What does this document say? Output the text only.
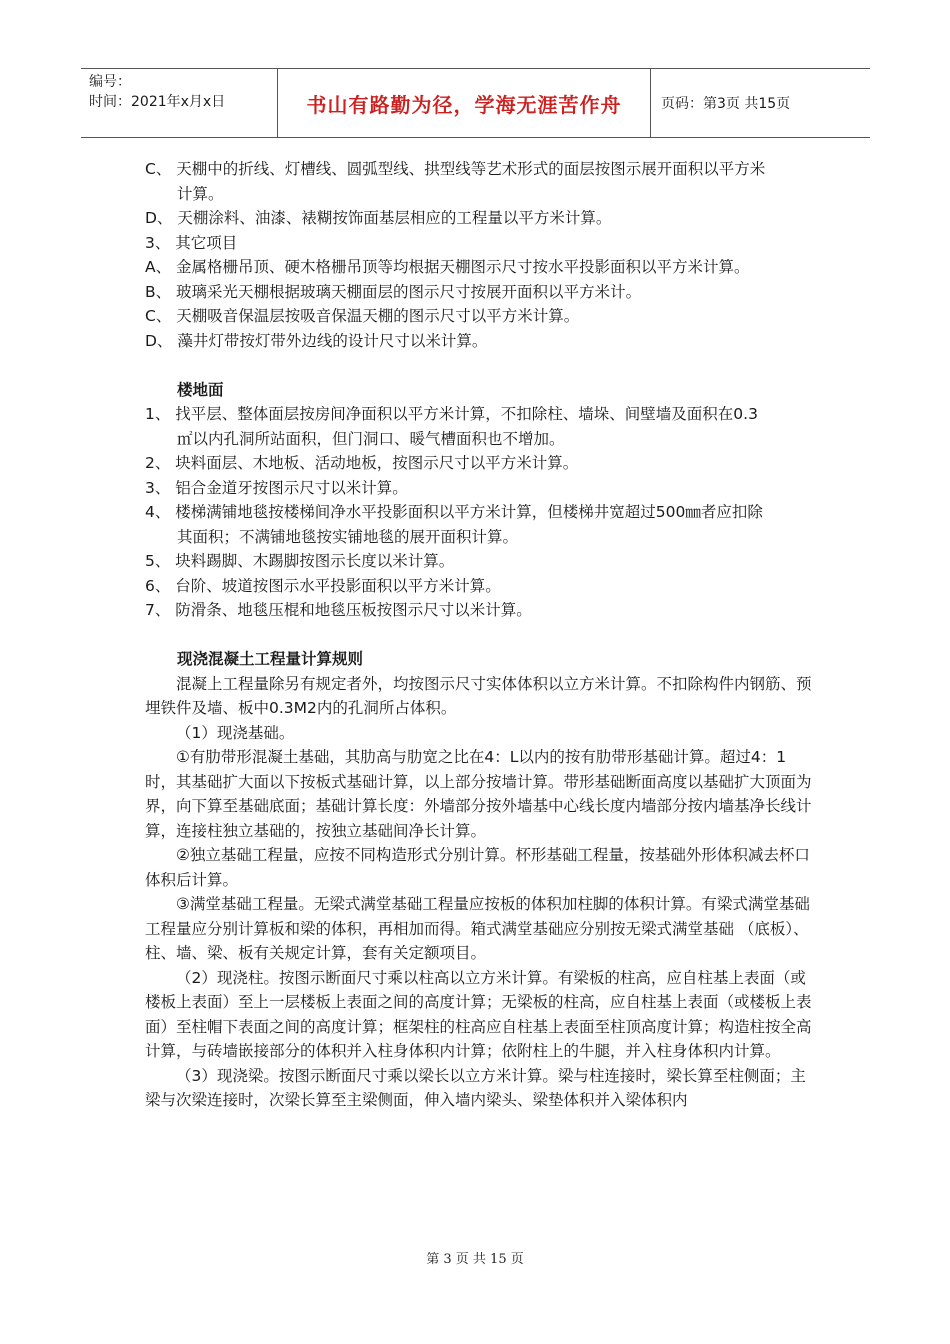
编号：
时间：2021年x月x日	书山有路勤为径，学海无涯苦作舟	页码：第3页 共15页

C、 天棚中的折线、灯槽线、圆弧型线、拱型线等艺术形式的面层按图示展开面积以平方米

计算。

D、 天棚涂料、油漆、裱糊按饰面基层相应的工程量以平方米计算。

3、 其它项目

A、 金属格栅吊顶、硬木格栅吊顶等均根据天棚图示尺寸按水平投影面积以平方米计算。

B、 玻璃采光天棚根据玻璃天棚面层的图示尺寸按展开面积以平方米计。

C、 天棚吸音保温层按吸音保温天棚的图示尺寸以平方米计算。

D、 藻井灯带按灯带外边线的设计尺寸以米计算。

楼地面

1、 找平层、整体面层按房间净面积以平方米计算，不扣除柱、墙垛、间壁墙及面积在0.3

㎡以内孔洞所站面积，但门洞口、暖气槽面积也不增加。

2、 块料面层、木地板、活动地板，按图示尺寸以平方米计算。

3、 铝合金道牙按图示尺寸以米计算。

4、 楼梯满铺地毯按楼梯间净水平投影面积以平方米计算，但楼梯井宽超过500㎜者应扣除

其面积；不满铺地毯按实铺地毯的展开面积计算。

5、 块料踢脚、木踢脚按图示长度以米计算。

6、 台阶、坡道按图示水平投影面积以平方米计算。

7、 防滑条、地毯压棍和地毯压板按图示尺寸以米计算。

现浇混凝土工程量计算规则

混凝上工程量除另有规定者外，均按图示尺寸实体体积以立方米计算。不扣除构件内钢筋、预埋铁件及墙、板中0.3M2内的孔洞所占体积。

（1）现浇基础。

①有肋带形混凝土基础，其肋高与肋宽之比在4：L以内的按有肋带形基础计算。超过4：1时，其基础扩大面以下按板式基础计算，以上部分按墙计算。带形基础断面高度以基础扩大顶面为界，向下算至基础底面；基础计算长度：外墙部分按外墙基中心线长度内墙部分按内墙基净长线计算，连接柱独立基础的，按独立基础间净长计算。

②独立基础工程量，应按不同构造形式分别计算。杯形基础工程量，按基础外形体积减去杯口体积后计算。

③满堂基础工程量。无梁式满堂基础工程量应按板的体积加柱脚的体积计算。有梁式满堂基础工程量应分别计算板和梁的体积，再相加而得。箱式满堂基础应分别按无梁式满堂基础 （底板）、柱、墙、梁、板有关规定计算，套有关定额项目。

（2）现浇柱。按图示断面尺寸乘以柱高以立方米计算。有梁板的柱高，应自柱基上表面（或楼板上表面）至上一层楼板上表面之间的高度计算；无梁板的柱高，应自柱基上表面（或楼板上表面）至柱帽下表面之间的高度计算；框架柱的柱高应自柱基上表面至柱顶高度计算；构造柱按全高计算，与砖墙嵌接部分的体积并入柱身体积内计算；依附柱上的牛腿，并入柱身体积内计算。

（3）现浇梁。按图示断面尺寸乘以梁长以立方米计算。梁与柱连接时，梁长算至柱侧面；主梁与次梁连接时，次梁长算至主梁侧面，伸入墙内梁头、梁垫体积并入梁体积内

第 3 页 共 15 页
